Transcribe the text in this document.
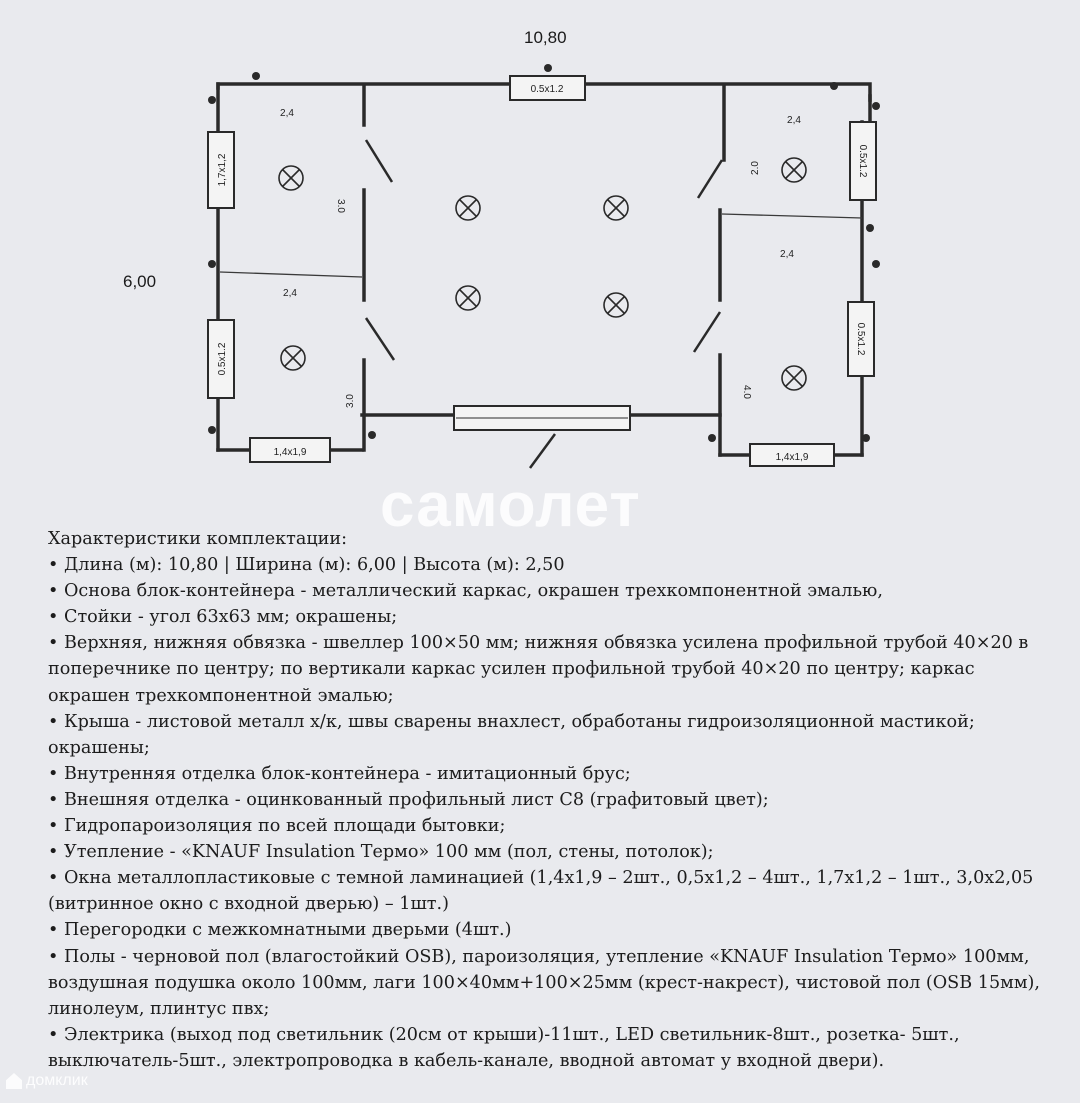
0.5x1.2
1,7x1,2
0.5x1.2
0.5x1.2
0.5x1.2
1,4x1,9	1,4x1,9
2,4
2,4
2,4
2,4
3.0
3.0
2.0
4.0
10,80
6,00
самолет
Характеристики комплектации:
• Длина (м): 10,80 | Ширина (м): 6,00 | Высота (м): 2,50
• Основа блок-контейнера - металлический каркас, окрашен трехкомпонентной эмалью,
• Стойки - угол 63х63 мм; окрашены;
• Верхняя, нижняя обвязка - швеллер 100×50 мм; нижняя обвязка усилена профильной трубой 40×20 в поперечнике по центру; по вертикали каркас усилен профильной трубой 40×20 по центру; каркас окрашен трехкомпонентной эмалью;
• Крыша - листовой металл х/к, швы сварены внахлест, обработаны гидроизоляционной мастикой; окрашены;
• Внутренняя отделка блок-контейнера - имитационный брус;
• Внешняя отделка - оцинкованный профильный лист С8 (графитовый цвет);
• Гидропароизоляция по всей площади бытовки;
• Утепление - «KNAUF Insulation Термо» 100 мм (пол, стены, потолок);
• Окна металлопластиковые с темной ламинацией (1,4х1,9 – 2шт., 0,5х1,2 – 4шт., 1,7х1,2 – 1шт., 3,0х2,05 (витринное окно с входной дверью) – 1шт.)
• Перегородки с межкомнатными дверьми (4шт.)
• Полы - черновой пол (влагостойкий OSB), пароизоляция, утепление «KNAUF Insulation Термо» 100мм, воздушная подушка около 100мм, лаги 100×40мм+100×25мм (крест-накрест), чистовой пол (OSB 15мм), линолеум, плинтус пвх;
• Электрика (выход под светильник (20см от крыши)-11шт., LED светильник-8шт., розетка- 5шт., выключатель-5шт., электропроводка в кабель-канале, вводной автомат у входной двери).
домклик
